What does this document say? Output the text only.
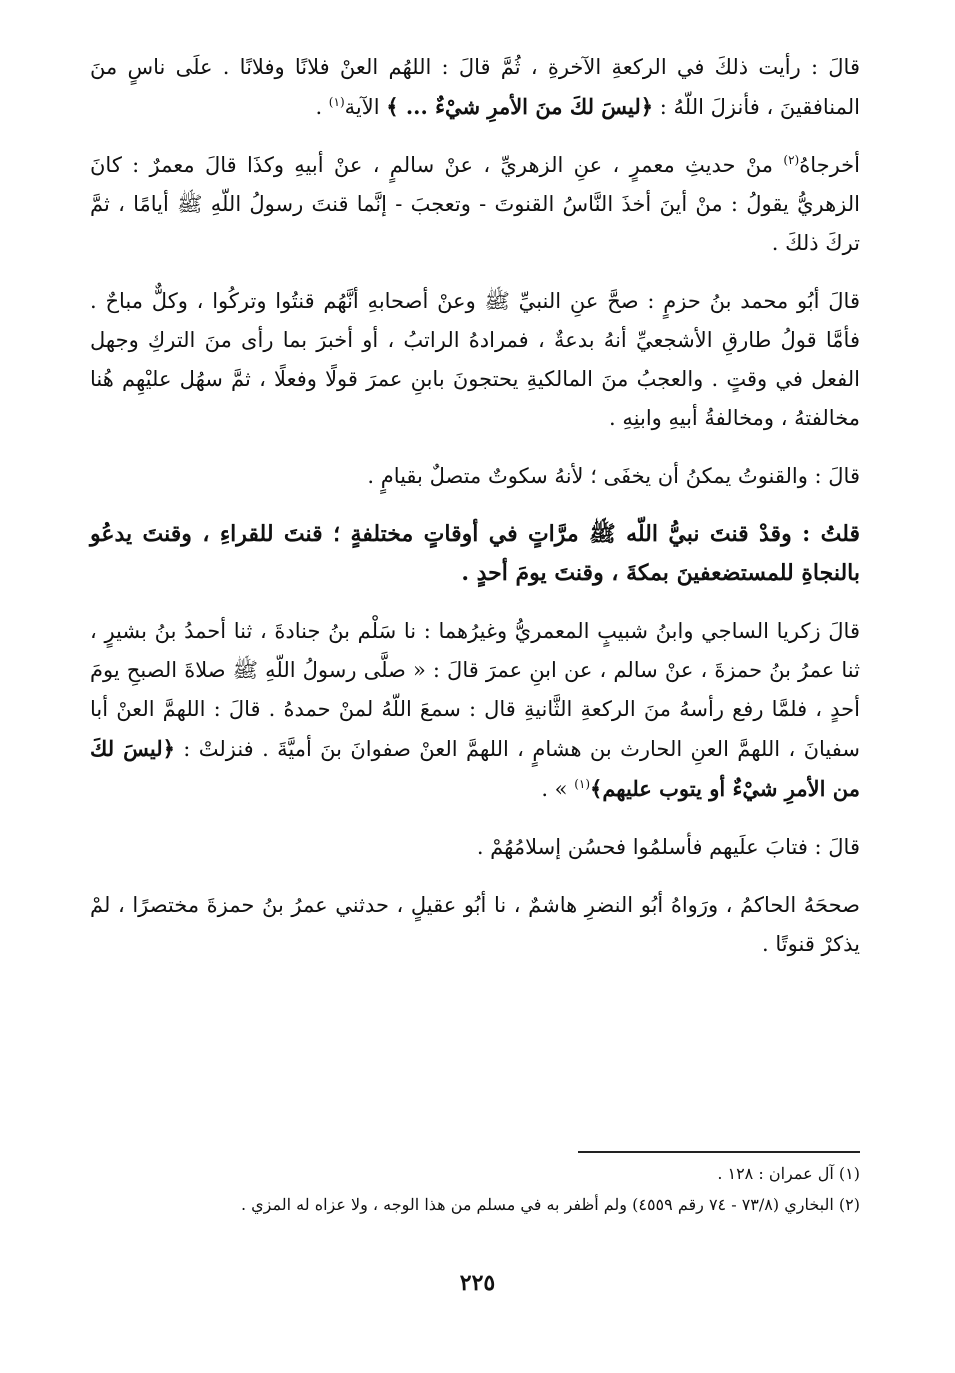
قالَ : رأيت ذلكَ في الركعةِ الآخرةِ ، ثُمَّ قالَ : اللهُم العنْ فلانًا وفلانًا . علَى ناسٍ منَ المنافقينَ ، فأنزلَ اللّهُ : ﴿ليسَ لكَ منَ الأمرِ شيْءٌ ... ﴾ الآية$^{(١)}$ .

أخرجاهُ$^{(٢)}$ منْ حديثِ معمرٍ ، عنِ الزهريِّ ، عنْ سالمٍ ، عنْ أبيهِ وكذَا قالَ معمرٌ : كانَ الزهريُّ يقولُ : منْ أينَ أخذَ النَّاسُ القنوتَ - وتعجبَ - إنَّما قنتَ رسولُ اللّهِ ﷺ أيامًا ، ثمَّ تركَ ذلكَ .

قالَ أبُو محمد بنُ حزمٍ : صحَّ عنِ النبيِّ ﷺ وعنْ أصحابهِ أنَّهُم قنتُوا وتركُوا ، وكلٌّ مباحٌ . فأمَّا قولُ طارقِ الأشجعيِّ أنهُ بدعةٌ ، فمرادهُ الراتبُ ، أو أخبرَ بما رأى منَ التركِ وجهل الفعل في وقتٍ . والعجبُ منَ المالكيةِ يحتجونَ بابنِ عمرَ قولًا وفعلًا ، ثمَّ سهُل عليْهِم هُنا مخالفتهُ ، ومخالفةُ أبيهِ وابنِهِ .

قالَ : والقنوتُ يمكنُ أن يخفَى ؛ لأنهُ سكوتٌ متصلٌ بقيامٍ .

قلتُ : وقدْ قنتَ نبيُّ اللّه ﷺ مرَّاتٍ في أوقاتٍ مختلفةٍ ؛ قنتَ للقراءِ ، وقنتَ يدعُو بالنجاةِ للمستضعفينَ بمكةَ ، وقنتَ يومَ أحدٍ .

قالَ زكريا الساجي وابنُ شبيبٍ المعمريُّ وغيرُهما : نا سَلْم بنُ جنادةَ ، ثنا أحمدُ بنُ بشيرٍ ، ثنا عمرُ بنُ حمزةَ ، عنْ سالم ، عن ابنِ عمرَ قالَ : « صلَّى رسولُ اللّهِ ﷺ صلاةَ الصبحِ يومَ أحدٍ ، فلمَّا رفع رأسهُ منَ الركعةِ الثَّانيةِ قال : سمعَ اللّهُ لمنْ حمدهُ . قالَ : اللهمَّ العنْ أبا سفيانَ ، اللهمَّ العنِ الحارث بن هشامٍ ، اللهمَّ العنْ صفوانَ بنَ أميَّةَ . فنزلتْ : ﴿ليسَ لكَ من الأمرِ شيْءٌ أو يتوب عليهم﴾$^{(١)}$ » .

قالَ : فتابَ علَيهم فأسلمُوا فحسُن إسلامُهُمْ .

صححَهُ الحاكمُ ، ورَواهُ أبُو النضرِ هاشمٌ ، نا أبُو عقيلٍ ، حدثني عمرُ بنُ حمزةَ مختصرًا ، لمْ يذكرْ قنوتًا .

(١) آل عمران : ١٢٨ .

(٢) البخاري (٧٣/٨ - ٧٤ رقم ٤٥٥٩) ولم أظفر به في مسلم من هذا الوجه ، ولا عزاه له المزي .

٢٢٥
